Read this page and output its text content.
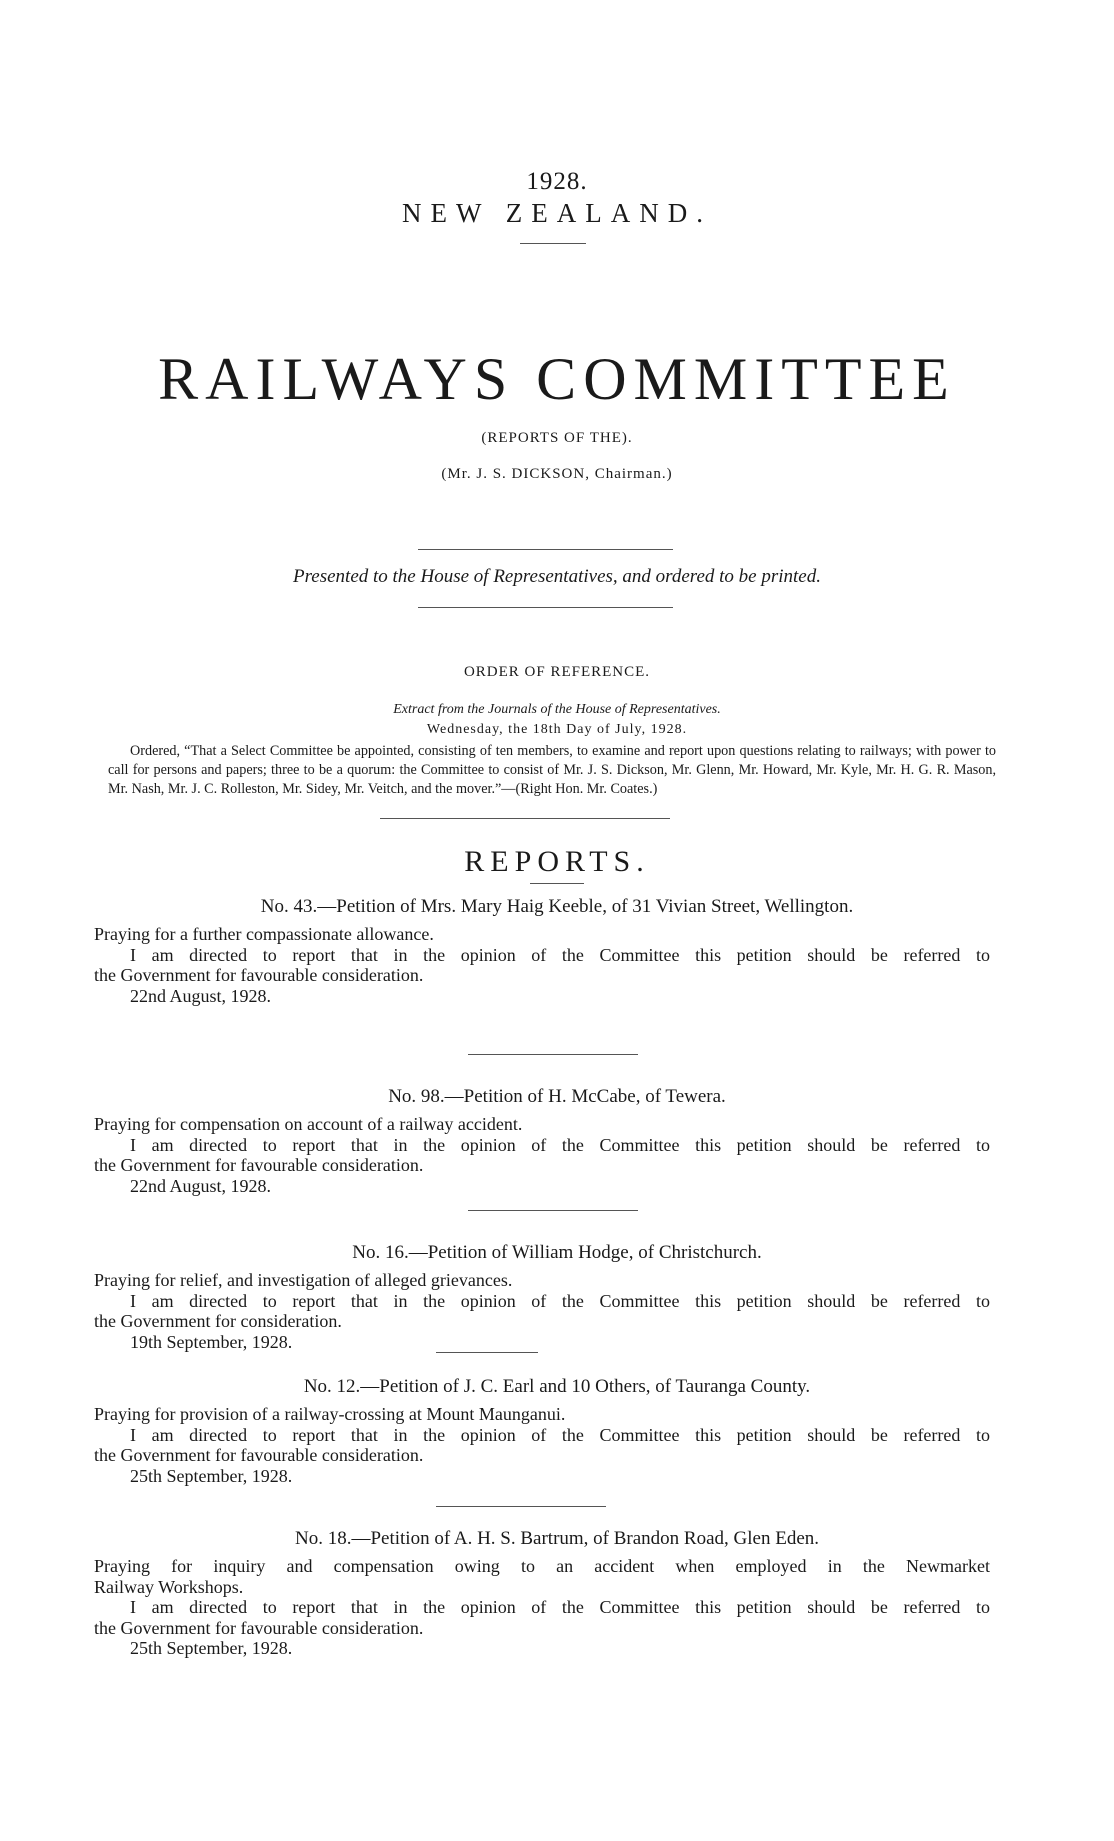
1928.
NEW ZEALAND.
RAILWAYS COMMITTEE
(REPORTS OF THE).
(Mr. J. S. DICKSON, Chairman.)
Presented to the House of Representatives, and ordered to be printed.
ORDER OF REFERENCE.
Extract from the Journals of the House of Representatives.
Wednesday, the 18th Day of July, 1928.
Ordered, “That a Select Committee be appointed, consisting of ten members, to examine and report upon questions relating to railways; with power to call for persons and papers; three to be a quorum: the Committee to consist of Mr. J. S. Dickson, Mr. Glenn, Mr. Howard, Mr. Kyle, Mr. H. G. R. Mason, Mr. Nash, Mr. J. C. Rolleston, Mr. Sidey, Mr. Veitch, and the mover.”—(Right Hon. Mr. Coates.)
REPORTS.
No. 43.—Petition of Mrs. Mary Haig Keeble, of 31 Vivian Street, Wellington.
Praying for a further compassionate allowance.
I am directed to report that in the opinion of the Committee this petition should be referred to
the Government for favourable consideration.
22nd August, 1928.
No. 98.—Petition of H. McCabe, of Tewera.
Praying for compensation on account of a railway accident.
I am directed to report that in the opinion of the Committee this petition should be referred to
the Government for favourable consideration.
22nd August, 1928.
No. 16.—Petition of William Hodge, of Christchurch.
Praying for relief, and investigation of alleged grievances.
I am directed to report that in the opinion of the Committee this petition should be referred to
the Government for consideration.
19th September, 1928.
No. 12.—Petition of J. C. Earl and 10 Others, of Tauranga County.
Praying for provision of a railway-crossing at Mount Maunganui.
I am directed to report that in the opinion of the Committee this petition should be referred to
the Government for favourable consideration.
25th September, 1928.
No. 18.—Petition of A. H. S. Bartrum, of Brandon Road, Glen Eden.
Praying for inquiry and compensation owing to an accident when employed in the Newmarket
Railway Workshops.
I am directed to report that in the opinion of the Committee this petition should be referred to
the Government for favourable consideration.
25th September, 1928.
